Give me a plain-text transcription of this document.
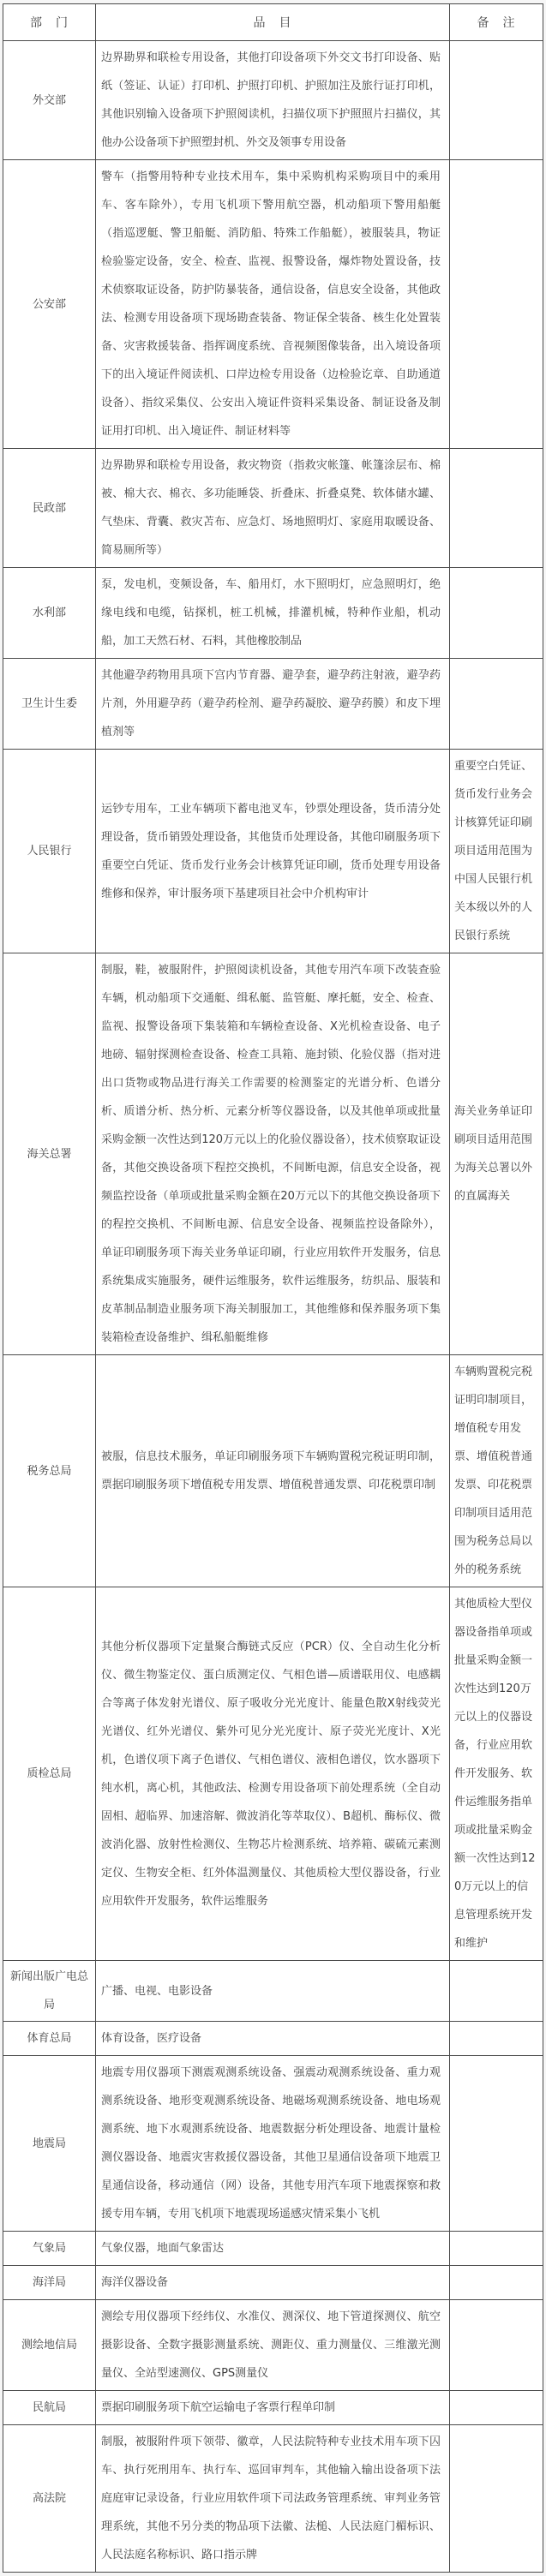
部　门	品　目	备　注
外交部	边界勘界和联检专用设备，其他打印设备项下外交文书打印设备、贴纸（签证、认证）打印机、护照打印机、护照加注及旅行证打印机，其他识别输入设备项下护照阅读机，扫描仪项下护照照片扫描仪，其他办公设备项下护照塑封机、外交及领事专用设备	
公安部	警车（指警用特种专业技术用车，集中采购机构采购项目中的乘用车、客车除外），专用飞机项下警用航空器，机动船项下警用船艇（指巡逻艇、警卫船艇、消防船、特殊工作船艇），被服装具，物证检验鉴定设备，安全、检查、监视、报警设备，爆炸物处置设备，技术侦察取证设备，防护防暴装备，通信设备，信息安全设备，其他政法、检测专用设备项下现场勘查装备、物证保全装备、核生化处置装备、灾害救援装备、指挥调度系统、音视频图像装备，出入境设备项下的出入境证件阅读机、口岸边检专用设备（边检验讫章、自助通道设备）、指纹采集仪、公安出入境证件资料采集设备、制证设备及制证用打印机、出入境证件、制证材料等	
民政部	边界勘界和联检专用设备，救灾物资（指救灾帐篷、帐篷涂层布、棉被、棉大衣、棉衣、多功能睡袋、折叠床、折叠桌凳、软体储水罐、气垫床、背囊、救灾苫布、应急灯、场地照明灯、家庭用取暖设备、简易厕所等）	
水利部	泵，发电机，变频设备，车、船用灯，水下照明灯，应急照明灯，绝缘电线和电缆，钻探机，桩工机械，排灌机械，特种作业船，机动船，加工天然石材、石料，其他橡胶制品	
卫生计生委	其他避孕药物用具项下宫内节育器、避孕套，避孕药注射液，避孕药片剂，外用避孕药（避孕药栓剂、避孕药凝胶、避孕药膜）和皮下埋植剂等	
人民银行	运钞专用车，工业车辆项下蓄电池叉车，钞票处理设备，货币清分处理设备，货币销毁处理设备，其他货币处理设备，其他印刷服务项下重要空白凭证、货币发行业务会计核算凭证印刷，货币处理专用设备维修和保养，审计服务项下基建项目社会中介机构审计	重要空白凭证、货币发行业务会计核算凭证印刷项目适用范围为中国人民银行机关本级以外的人民银行系统
海关总署	制服，鞋，被服附件，护照阅读机设备，其他专用汽车项下改装查验车辆，机动船项下交通艇、缉私艇、监管艇、摩托艇，安全、检查、监视、报警设备项下集装箱和车辆检查设备、X光机检查设备、电子地磅、辐射探测检查设备、检查工具箱、施封锁、化验仪器（指对进出口货物或物品进行海关工作需要的检测鉴定的光谱分析、色谱分析、质谱分析、热分析、元素分析等仪器设备，以及其他单项或批量采购金额一次性达到120万元以上的化验仪器设备），技术侦察取证设备，其他交换设备项下程控交换机，不间断电源，信息安全设备，视频监控设备（单项或批量采购金额在20万元以下的其他交换设备项下的程控交换机、不间断电源、信息安全设备、视频监控设备除外），单证印刷服务项下海关业务单证印刷，行业应用软件开发服务，信息系统集成实施服务，硬件运维服务，软件运维服务，纺织品、服装和皮革制品制造业服务项下海关制服加工，其他维修和保养服务项下集装箱检查设备维护、缉私船艇维修	海关业务单证印刷项目适用范围为海关总署以外的直属海关
税务总局	被服，信息技术服务，单证印刷服务项下车辆购置税完税证明印制，票据印刷服务项下增值税专用发票、增值税普通发票、印花税票印制	车辆购置税完税证明印制项目，增值税专用发票、增值税普通发票、印花税票印制项目适用范围为税务总局以外的税务系统
质检总局	其他分析仪器项下定量聚合酶链式反应（PCR）仪、全自动生化分析仪、微生物鉴定仪、蛋白质测定仪、气相色谱—质谱联用仪、电感耦合等离子体发射光谱仪、原子吸收分光光度计、能量色散X射线荧光光谱仪、红外光谱仪、紫外可见分光光度计、原子荧光光度计、X光机，色谱仪项下离子色谱仪、气相色谱仪、液相色谱仪，饮水器项下纯水机，离心机，其他政法、检测专用设备项下前处理系统（全自动固相、超临界、加速溶解、微波消化等萃取仪）、B超机、酶标仪、微波消化器、放射性检测仪、生物芯片检测系统、培养箱、碳硫元素测定仪、生物安全柜、红外体温测量仪、其他质检大型仪器设备，行业应用软件开发服务，软件运维服务	其他质检大型仪器设备指单项或批量采购金额一次性达到120万元以上的仪器设备，行业应用软件开发服务、软件运维服务指单项或批量采购金额一次性达到120万元以上的信息管理系统开发和维护
新闻出版广电总局	广播、电视、电影设备	
体育总局	体育设备，医疗设备	
地震局	地震专用仪器项下测震观测系统设备、强震动观测系统设备、重力观测系统设备、地形变观测系统设备、地磁场观测系统设备、地电场观测系统、地下水观测系统设备、地震数据分析处理设备、地震计量检测仪器设备、地震灾害救援仪器设备，其他卫星通信设备项下地震卫星通信设备，移动通信（网）设备，其他专用汽车项下地震探察和救援专用车辆，专用飞机项下地震现场遥感灾情采集小飞机	
气象局	气象仪器，地面气象雷达	
海洋局	海洋仪器设备	
测绘地信局	测绘专用仪器项下经纬仪、水准仪、测深仪、地下管道探测仪、航空摄影设备、全数字摄影测量系统、测距仪、重力测量仪、三维激光测量仪、全站型速测仪、GPS测量仪	
民航局	票据印刷服务项下航空运输电子客票行程单印制	
高法院	制服，被服附件项下领带、徽章，人民法院特种专业技术用车项下囚车、执行死刑用车、执行车、巡回审判车，其他输入输出设备项下法庭庭审记录设备，行业应用软件项下司法政务管理系统、审判业务管理系统，其他不另分类的物品项下法徽、法槌、人民法庭门楣标识、人民法庭名称标识、路口指示牌	
